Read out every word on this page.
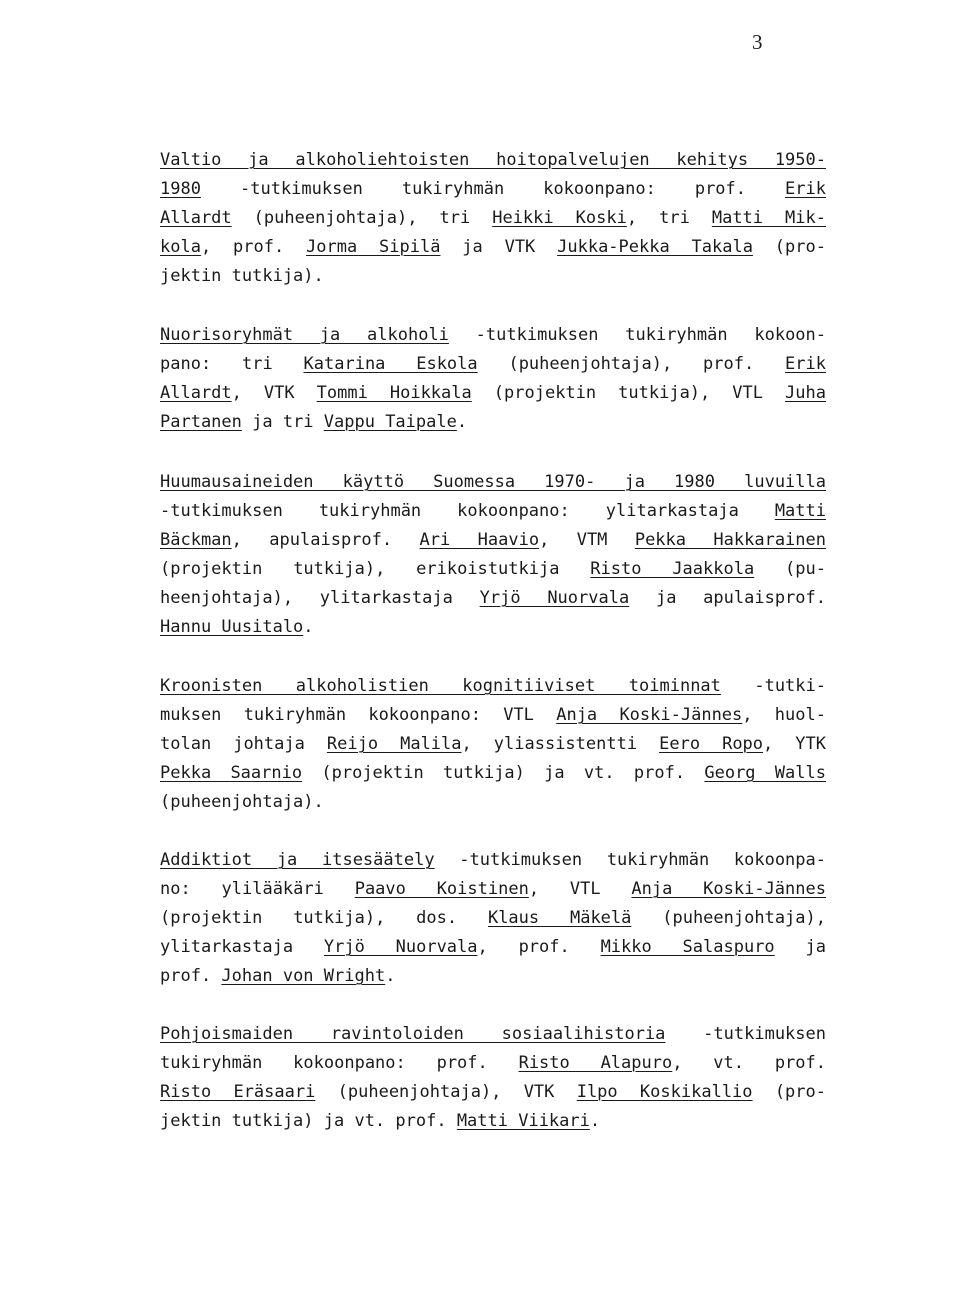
3
Valtio ja alkoholiehtoisten hoitopalvelujen kehitys 1950-
1980 -tutkimuksen tukiryhmän kokoonpano: prof. Erik
Allardt (puheenjohtaja), tri Heikki Koski, tri Matti Mik-
kola, prof. Jorma Sipilä ja VTK Jukka-Pekka Takala (pro-
jektin tutkija).
Nuorisoryhmät ja alkoholi -tutkimuksen tukiryhmän kokoon-
pano: tri Katarina Eskola (puheenjohtaja), prof. Erik
Allardt, VTK Tommi Hoikkala (projektin tutkija), VTL Juha
Partanen ja tri Vappu Taipale.
Huumausaineiden käyttö Suomessa 1970- ja 1980 luvuilla
-tutkimuksen tukiryhmän kokoonpano: ylitarkastaja Matti
Bäckman, apulaisprof. Ari Haavio, VTM Pekka Hakkarainen
(projektin tutkija), erikoistutkija Risto Jaakkola (pu-
heenjohtaja), ylitarkastaja Yrjö Nuorvala ja apulaisprof.
Hannu Uusitalo.
Kroonisten alkoholistien kognitiiviset toiminnat -tutki-
muksen tukiryhmän kokoonpano: VTL Anja Koski-Jännes, huol-
tolan johtaja Reijo Malila, yliassistentti Eero Ropo, YTK
Pekka Saarnio (projektin tutkija) ja vt. prof. Georg Walls
(puheenjohtaja).
Addiktiot ja itsesäätely -tutkimuksen tukiryhmän kokoonpa-
no: ylilääkäri Paavo Koistinen, VTL Anja Koski-Jännes
(projektin tutkija), dos. Klaus Mäkelä (puheenjohtaja),
ylitarkastaja Yrjö Nuorvala, prof. Mikko Salaspuro ja
prof. Johan von Wright.
Pohjoismaiden ravintoloiden sosiaalihistoria -tutkimuksen
tukiryhmän kokoonpano: prof. Risto Alapuro, vt. prof.
Risto Eräsaari (puheenjohtaja), VTK Ilpo Koskikallio (pro-
jektin tutkija) ja vt. prof. Matti Viikari.
